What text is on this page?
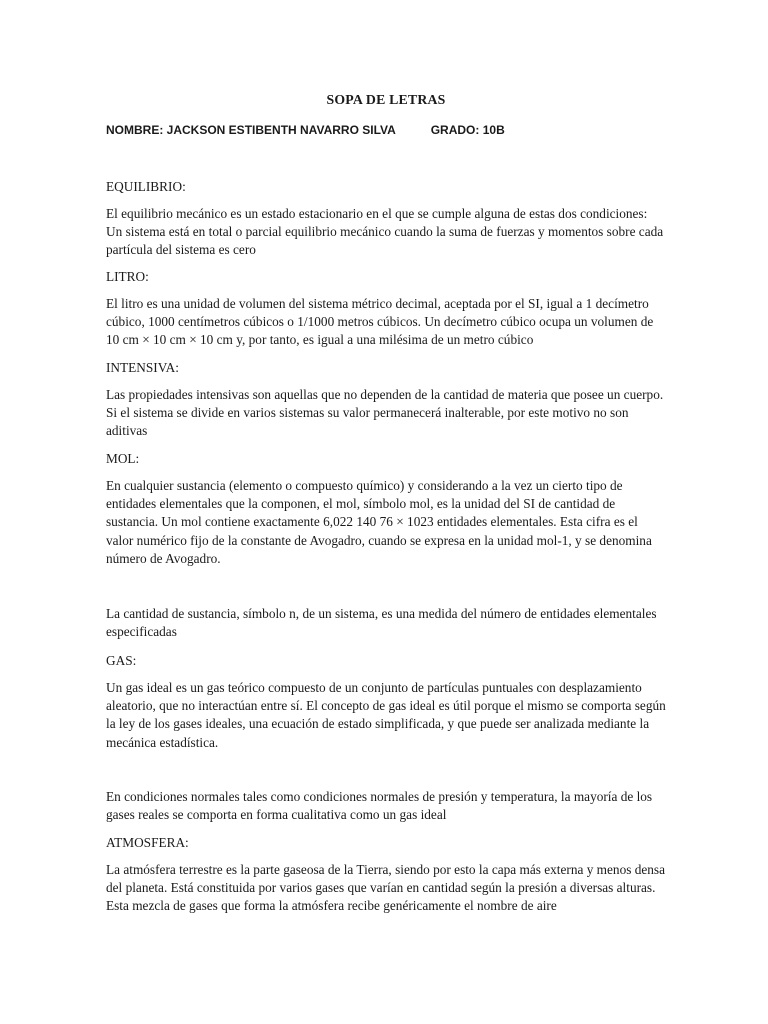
SOPA DE LETRAS
NOMBRE: JACKSON ESTIBENTH NAVARRO SILVA	GRADO: 10B
EQUILIBRIO:

El equilibrio mecánico es un estado estacionario en el que se cumple alguna de estas dos condiciones: Un sistema está en total o parcial equilibrio mecánico cuando la suma de fuerzas y momentos sobre cada partícula del sistema es cero

LITRO:

El litro es una unidad de volumen del sistema métrico decimal, aceptada por el SI, igual a 1 decímetro cúbico, 1000 centímetros cúbicos o 1/1000 metros cúbicos. Un decímetro cúbico ocupa un volumen de 10 cm × 10 cm × 10 cm y, por tanto, es igual a una milésima de un metro cúbico

INTENSIVA:

Las propiedades intensivas son aquellas que no dependen de la cantidad de materia que posee un cuerpo. Si el sistema se divide en varios sistemas su valor permanecerá inalterable, por este motivo no son aditivas

MOL:

En cualquier sustancia (elemento o compuesto químico) y considerando a la vez un cierto tipo de entidades elementales que la componen, el mol, símbolo mol, es la unidad del SI de cantidad de sustancia. Un mol contiene exactamente 6,022 140 76 × 1023 entidades elementales. Esta cifra es el valor numérico fijo de la constante de Avogadro, cuando se expresa en la unidad mol-1, y se denomina número de Avogadro.

La cantidad de sustancia, símbolo n, de un sistema, es una medida del número de entidades elementales especificadas

GAS:

Un gas ideal es un gas teórico compuesto de un conjunto de partículas puntuales con desplazamiento aleatorio, que no interactúan entre sí. El concepto de gas ideal es útil porque el mismo se comporta según la ley de los gases ideales, una ecuación de estado simplificada, y que puede ser analizada mediante la mecánica estadística.

En condiciones normales tales como condiciones normales de presión y temperatura, la mayoría de los gases reales se comporta en forma cualitativa como un gas ideal

ATMOSFERA:

La atmósfera terrestre es la parte gaseosa de la Tierra, siendo por esto la capa más externa y menos densa del planeta. Está constituida por varios gases que varían en cantidad según la presión a diversas alturas. Esta mezcla de gases que forma la atmósfera recibe genéricamente el nombre de aire
